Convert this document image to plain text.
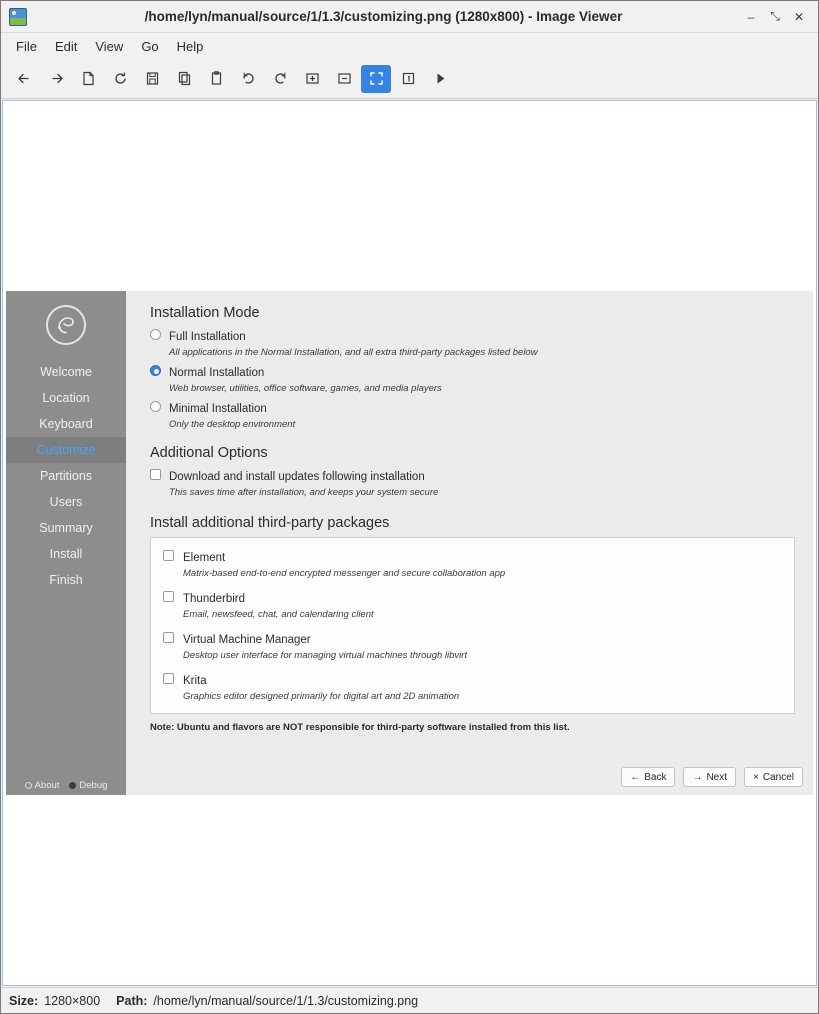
/home/lyn/manual/source/1/1.3/customizing.png (1280x800) - Image Viewer	–	⤡	✕
File	Edit	View	Go	Help
Welcome
Location
Keyboard
Customize
Partitions
Users
Summary
Install
Finish
About Debug
Installation Mode
Full Installation
All applications in the Normal Installation, and all extra third-party packages listed below
Normal Installation
Web browser, utilities, office software, games, and media players
Minimal Installation
Only the desktop environment
Additional Options
Download and install updates following installation
This saves time after installation, and keeps your system secure
Install additional third-party packages
Element
Matrix-based end-to-end encrypted messenger and secure collaboration app
Thunderbird
Email, newsfeed, chat, and calendaring client
Virtual Machine Manager
Desktop user interface for managing virtual machines through libvirt
Krita
Graphics editor designed primarily for digital art and 2D animation
Note: Ubuntu and flavors are NOT responsible for third-party software installed from this list.
← Back	→ Next	× Cancel
Size: 1280×800 Path: /home/lyn/manual/source/1/1.3/customizing.png
